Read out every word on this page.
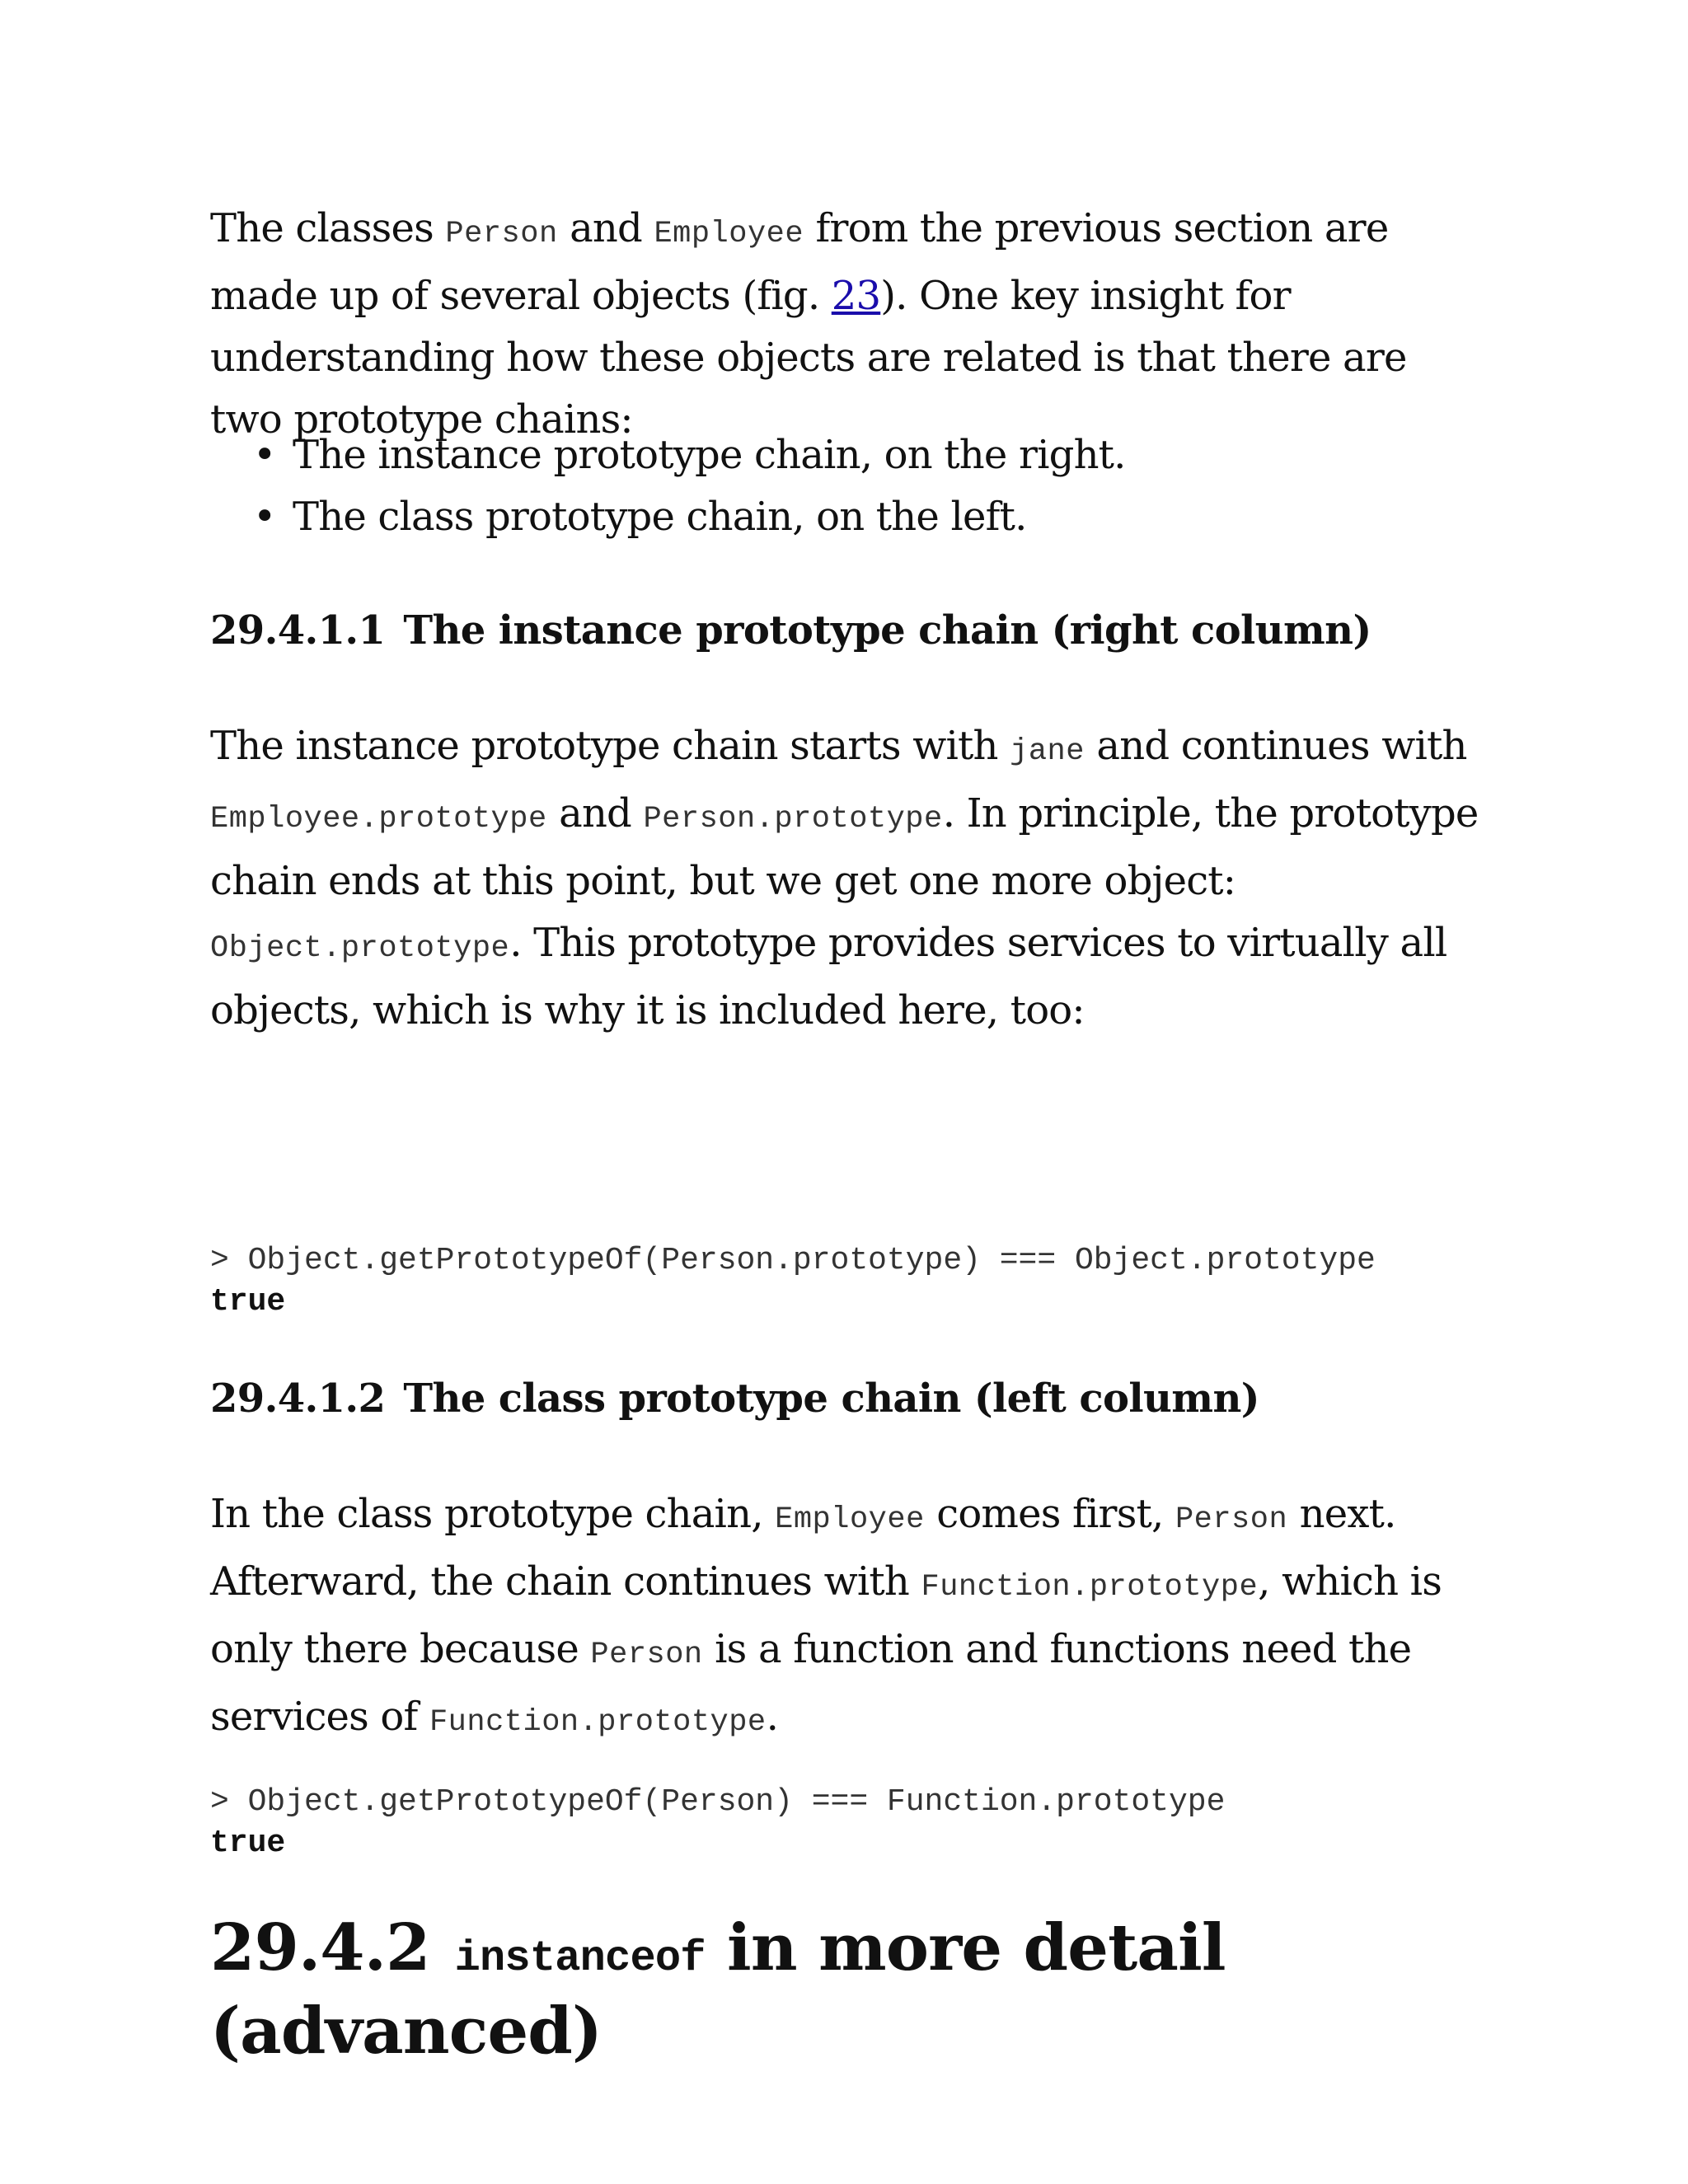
The classes Person and Employee from the previous section are made up of several objects (fig. 23). One key insight for understanding how these objects are related is that there are two prototype chains:

• The instance prototype chain, on the right.
• The class prototype chain, on the left.
29.4.1.1 The instance prototype chain (right column)

The instance prototype chain starts with jane and continues with Employee.prototype and Person.prototype. In principle, the prototype chain ends at this point, but we get one more object: Object.prototype. This prototype provides services to virtually all objects, which is why it is included here, too:

> Object.getPrototypeOf(Person.prototype) === Object.prototype
true
29.4.1.2 The class prototype chain (left column)

In the class prototype chain, Employee comes first, Person next. Afterward, the chain continues with Function.prototype, which is only there because Person is a function and functions need the services of Function.prototype.

> Object.getPrototypeOf(Person) === Function.prototype
true
29.4.2 instanceof in more detail (advanced)
